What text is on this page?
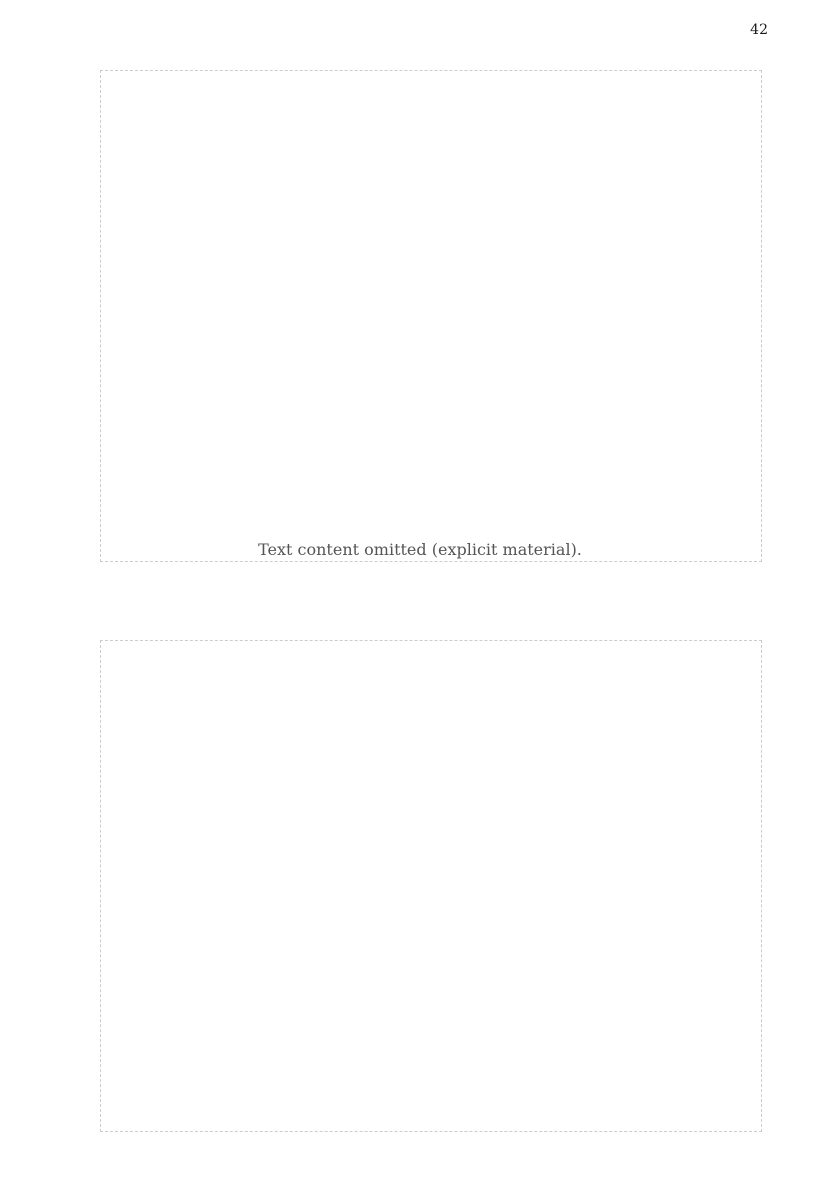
42
Text content omitted (explicit material).
